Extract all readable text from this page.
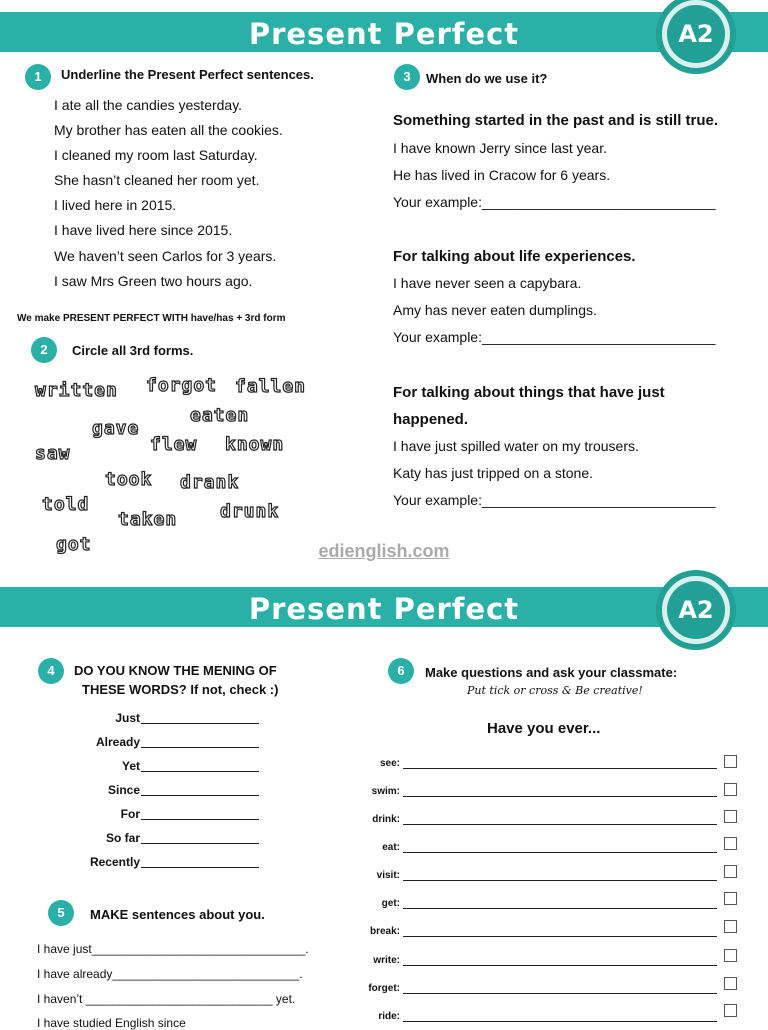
Present Perfect	A2
1	Underline the Present Perfect sentences.
I ate all the candies yesterday.
My brother has eaten all the cookies.
I cleaned my room last Saturday.
She hasn’t cleaned her room yet.
I lived here in 2015.
I have lived here since 2015.
We haven’t seen Carlos for 3 years.
I saw Mrs Green two hours ago.
We make PRESENT PERFECT WITH have/has + 3rd form
2	Circle all 3rd forms.
written forgot fallen
eaten
gave
flew known
saw
took drank
told
taken drunk
got
3	When do we use it?
Something started in the past and is still true.
I have known Jerry since last year.
He has lived in Cracow for 6 years.
Your example:______________________________
For talking about life experiences.
I have never seen a capybara.
Amy has never eaten dumplings.
Your example:______________________________
For talking about things that have just
happened.
I have just spilled water on my trousers.
Katy has just tripped on a stone.
Your example:______________________________
edienglish.com
Present Perfect	A2
4	DO YOU KNOW THE MENING OF
THESE WORDS? If not, check :)
Just
Already
Yet
Since
For
So far
Recently
5	MAKE sentences about you.
I have just________________________________.
I have already____________________________.
I haven’t ____________________________ yet.
I have studied English since
6	Make questions and ask your classmate:
Put tick or cross & Be creative!
Have you ever...
see:
swim:
drink:
eat:
visit:
get:
break:
write:
forget:
ride:
